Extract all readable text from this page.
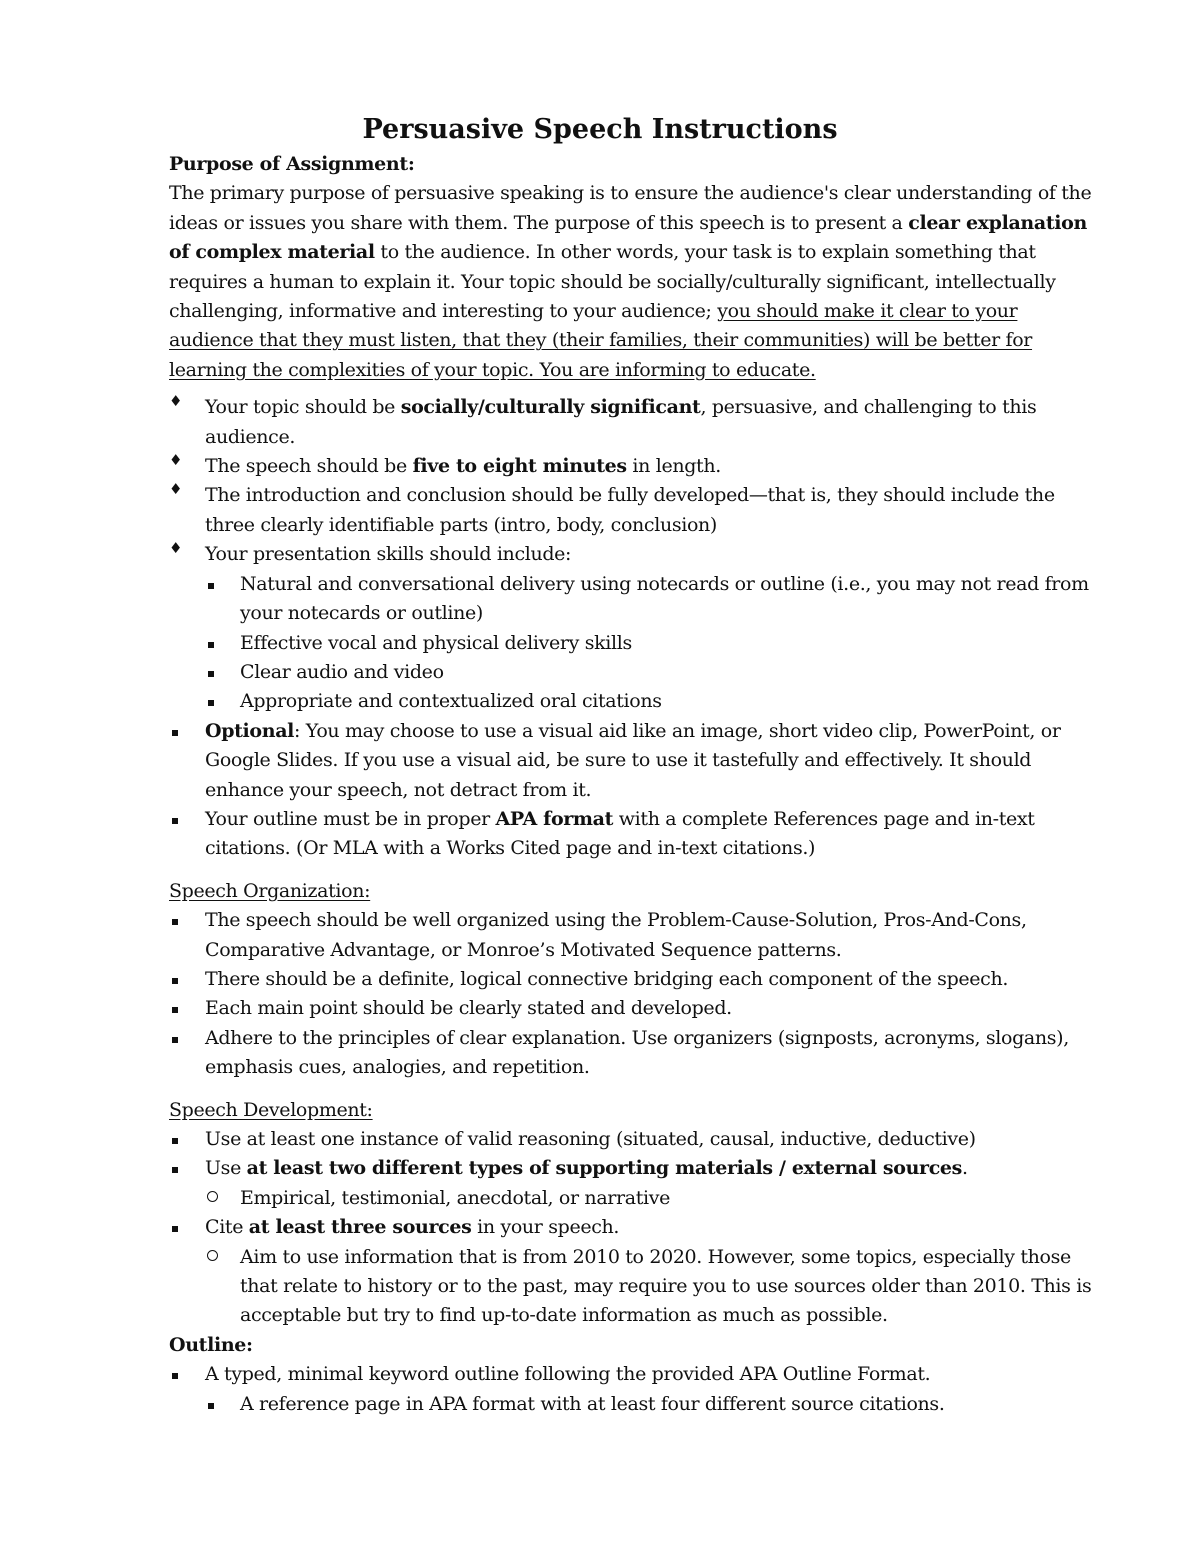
Persuasive Speech Instructions

Purpose of Assignment:

The primary purpose of persuasive speaking is to ensure the audience's clear understanding of the ideas or issues you share with them. The purpose of this speech is to present a clear explanation of complex material to the audience. In other words, your task is to explain something that requires a human to explain it. Your topic should be socially/culturally significant, intellectually challenging, informative and interesting to your audience; you should make it clear to your audience that they must listen, that they (their families, their communities) will be better for learning the complexities of your topic. You are informing to educate.

♦ Your topic should be socially/culturally significant, persuasive, and challenging to this audience.
♦ The speech should be five to eight minutes in length.
♦ The introduction and conclusion should be fully developed—that is, they should include the three clearly identifiable parts (intro, body, conclusion)
♦ Your presentation skills should include:
Natural and conversational delivery using notecards or outline (i.e., you may not read from your notecards or outline)
Effective vocal and physical delivery skills
Clear audio and video
Appropriate and contextualized oral citations
Optional: You may choose to use a visual aid like an image, short video clip, PowerPoint, or Google Slides. If you use a visual aid, be sure to use it tastefully and effectively. It should enhance your speech, not detract from it.
Your outline must be in proper APA format with a complete References page and in-text citations. (Or MLA with a Works Cited page and in-text citations.)

Speech Organization:

The speech should be well organized using the Problem-Cause-Solution, Pros-And-Cons, Comparative Advantage, or Monroe’s Motivated Sequence patterns.
There should be a definite, logical connective bridging each component of the speech.
Each main point should be clearly stated and developed.
Adhere to the principles of clear explanation. Use organizers (signposts, acronyms, slogans), emphasis cues, analogies, and repetition.

Speech Development:

Use at least one instance of valid reasoning (situated, causal, inductive, deductive)
Use at least two different types of supporting materials / external sources.
Empirical, testimonial, anecdotal, or narrative
Cite at least three sources in your speech.
Aim to use information that is from 2010 to 2020. However, some topics, especially those that relate to history or to the past, may require you to use sources older than 2010. This is acceptable but try to find up-to-date information as much as possible.

Outline:

A typed, minimal keyword outline following the provided APA Outline Format.
A reference page in APA format with at least four different source citations.
